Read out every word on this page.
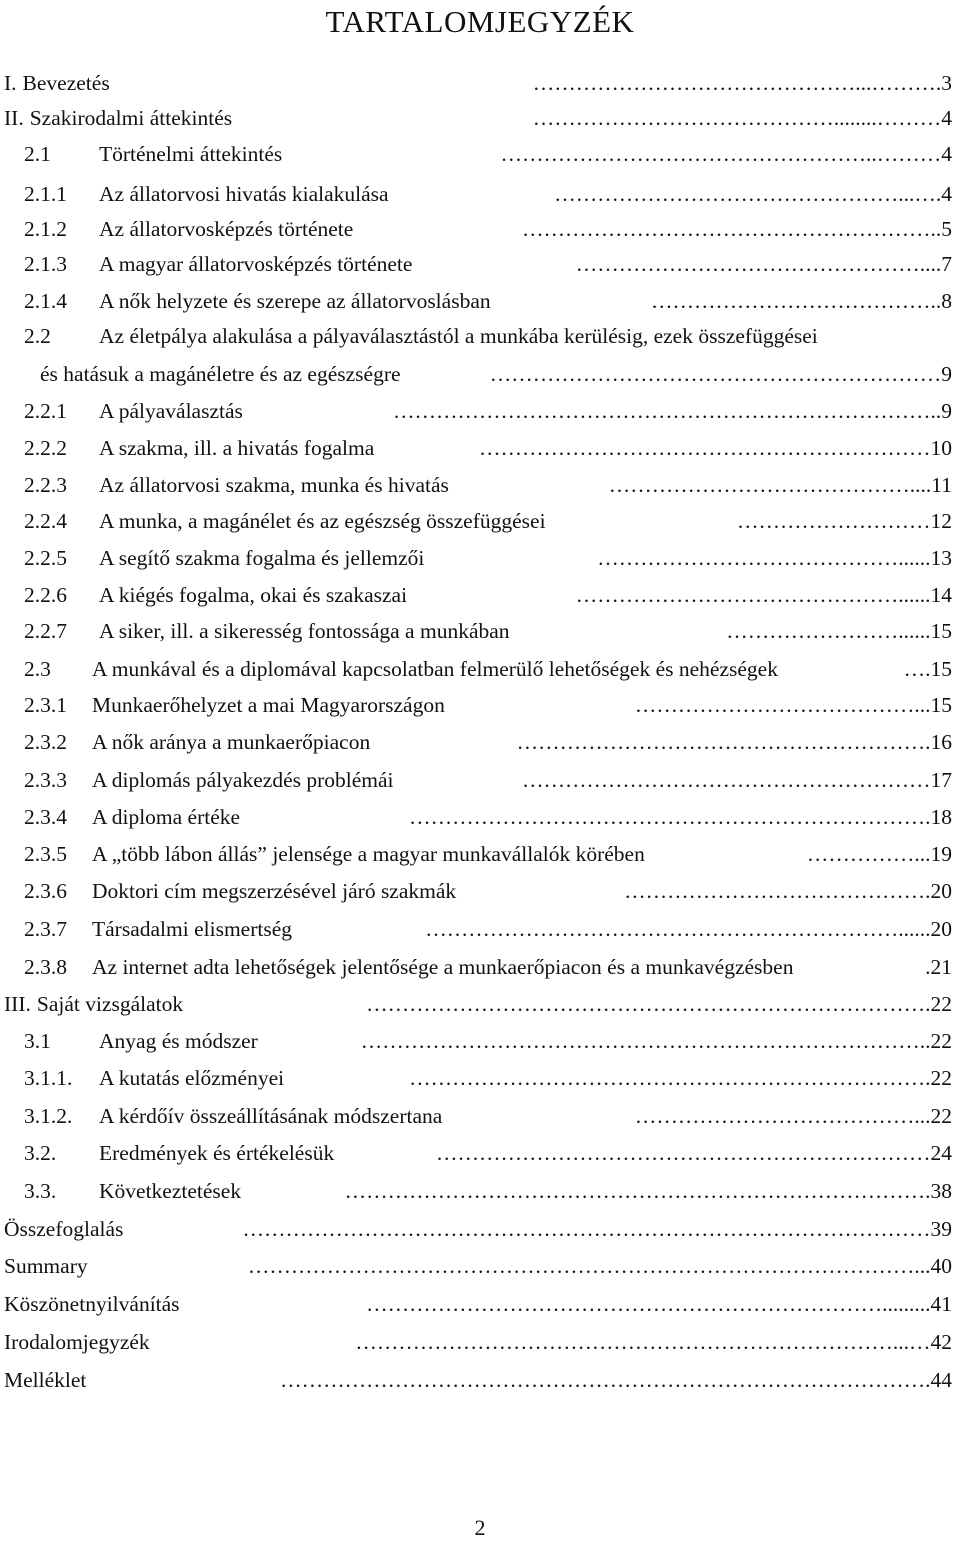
TARTALOMJEGYZÉK
I. Bevezetés	………………………………………...……… .3
II. Szakirodalmi áttekintés	……………………………………........……… 4
2.1	Történelmi áttekintés	……………………………………………..……… 4
2.1.1	Az állatorvosi hivatás kialakulása	…………………………………………...…. 4
2.1.2	Az állatorvosképzés története	………………………………………………….. 5
2.1.3	A magyar állatorvosképzés története	………………………………………….... 7
2.1.4	A nők helyzete és szerepe az állatorvoslásban	………………………………….. 8
2.2	Az életpálya alakulása a pályaválasztástól a munkába kerülésig, ezek összefüggései
és hatásuk a magánéletre és az egészségre	……………………………………………………… 9
2.2.1	A pályaválasztás	………………………………………………………………….. 9
2.2.2	A szakma, ill. a hivatás fogalma	……………………………………………………… 10
2.2.3	Az állatorvosi szakma, munka és hivatás	…………………………………….... 11
2.2.4	A munka, a magánélet és az egészség összefüggései	……………………… 12
2.2.5	A segítő szakma fogalma és jellemzői	……………………………………...... 13
2.2.6	A kiégés fogalma, okai és szakaszai	………………………………………...... 14
2.2.7	A siker, ill. a sikeresség fontossága a munkában	……………………...... 15
2.3	A munkával és a diplomával kapcsolatban felmerülő lehetőségek és nehézségek	…. 15
2.3.1	Munkaerőhelyzet a mai Magyarországon	…………………………………... 15
2.3.2	A nők aránya a munkaerőpiacon	…………………………………………………. 16
2.3.3	A diplomás pályakezdés problémái	………………………………………………… 17
2.3.4	A diploma értéke	………………………………………………………………. 18
2.3.5	A „több lábon állás” jelensége a magyar munkavállalók körében	……………... 19
2.3.6	Doktori cím megszerzésével járó szakmák	……………………………………. 20
2.3.7	Társadalmi elismertség	…………………………………………………………...... 20
2.3.8	Az internet adta lehetőségek jelentősége a munkaerőpiacon és a munkavégzésben	. 21
III. Saját vizsgálatok	……………………………………………………………………. 22
3.1	Anyag és módszer	…………………………………………………………………….. 22
3.1.1.	A kutatás előzményei	………………………………………………………………. 22
3.1.2.	A kérdőív összeállításának módszertana	…………………………………... 22
3.2.	Eredmények és értékelésük	…………………………………………………………… 24
3.3.	Következtetések	………………………………………………………………………. 38
Összefoglalás	…………………………………………………………………………………… 39
Summary	…………………………………………………………………………………... 40
Köszönetnyilvánítás	………………………………………………………………......... 41
Irodalomjegyzék	…………………………………………………………………...… 42
Melléklet	………………………………………………………………………………. 44
2
